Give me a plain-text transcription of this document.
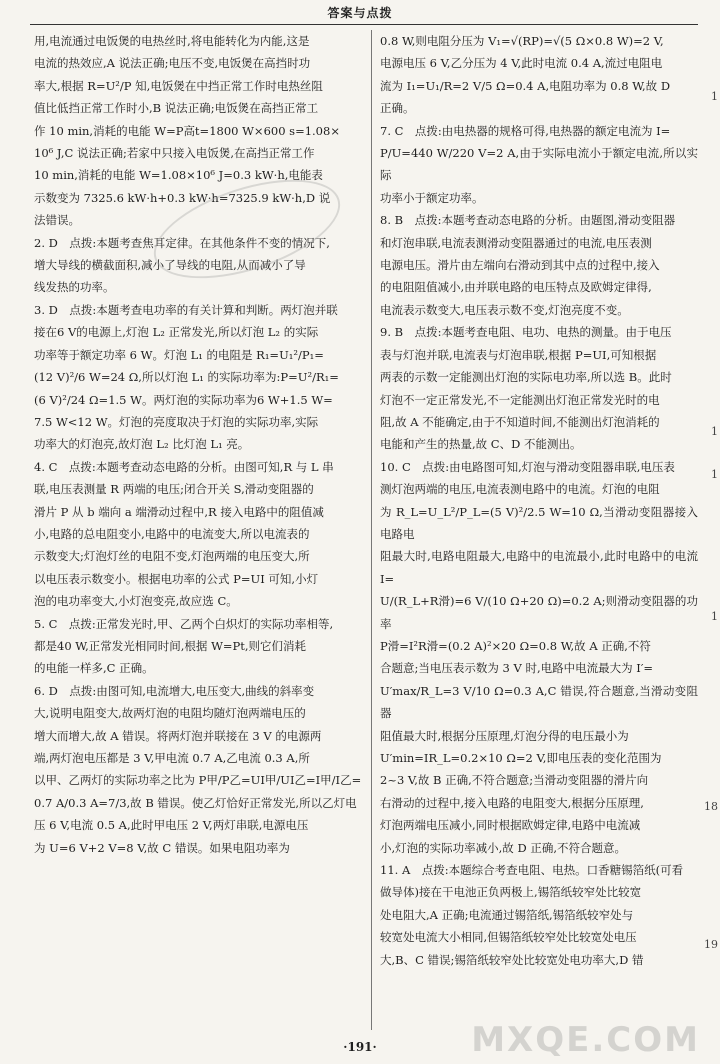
答案与点拨

用,电流通过电饭煲的电热丝时,将电能转化为内能,这是

电流的热效应,A 说法正确;电压不变,电饭煲在高挡时功

率大,根据 R=U²/P 知,电饭煲在中挡正常工作时电热丝阻

值比低挡正常工作时小,B 说法正确;电饭煲在高挡正常工

作 10 min,消耗的电能 W=P高t=1800 W×600 s=1.08×

10⁶ J,C 说法正确;若家中只接入电饭煲,在高挡正常工作

10 min,消耗的电能 W=1.08×10⁶ J=0.3 kW·h,电能表

示数变为 7325.6 kW·h+0.3 kW·h=7325.9 kW·h,D 说

法错误。

2. D　点拨:本题考查焦耳定律。在其他条件不变的情况下,

增大导线的横截面积,减小了导线的电阻,从而减小了导

线发热的功率。

3. D　点拨:本题考查电功率的有关计算和判断。两灯泡并联

接在6 V的电源上,灯泡 L₂ 正常发光,所以灯泡 L₂ 的实际

功率等于额定功率 6 W。灯泡 L₁ 的电阻是 R₁=U₁²/P₁=

(12 V)²/6 W=24 Ω,所以灯泡 L₁ 的实际功率为:P=U²/R₁=

(6 V)²/24 Ω=1.5 W。两灯泡的实际功率为6 W+1.5 W=

7.5 W<12 W。灯泡的亮度取决于灯泡的实际功率,实际

功率大的灯泡亮,故灯泡 L₂ 比灯泡 L₁ 亮。

4. C　点拨:本题考查动态电路的分析。由图可知,R 与 L 串

联,电压表测量 R 两端的电压;闭合开关 S,滑动变阻器的

滑片 P 从 b 端向 a 端滑动过程中,R 接入电路中的阻值减

小,电路的总电阻变小,电路中的电流变大,所以电流表的

示数变大;灯泡灯丝的电阻不变,灯泡两端的电压变大,所

以电压表示数变小。根据电功率的公式 P=UI 可知,小灯

泡的电功率变大,小灯泡变亮,故应选 C。

5. C　点拨:正常发光时,甲、乙两个白炽灯的实际功率相等,

都是40 W,正常发光相同时间,根据 W=Pt,则它们消耗

的电能一样多,C 正确。

6. D　点拨:由图可知,电流增大,电压变大,曲线的斜率变

大,说明电阻变大,故两灯泡的电阻均随灯泡两端电压的

增大而增大,故 A 错误。将两灯泡并联接在 3 V 的电源两

端,两灯泡电压都是 3 V,甲电流 0.7 A,乙电流 0.3 A,所

以甲、乙两灯的实际功率之比为 P甲/P乙=UI甲/UI乙=I甲/I乙=

0.7 A/0.3 A=7/3,故 B 错误。使乙灯恰好正常发光,所以乙灯电

压 6 V,电流 0.5 A,此时甲电压 2 V,两灯串联,电源电压

为 U=6 V+2 V=8 V,故 C 错误。如果电阻功率为

0.8 W,则电阻分压为 V₁=√(RP)=√(5 Ω×0.8 W)=2 V,

电源电压 6 V,乙分压为 4 V,此时电流 0.4 A,流过电阻电

流为 I₁=U₁/R=2 V/5 Ω=0.4 A,电阻功率为 0.8 W,故 D

正确。

7. C　点拨:由电热器的规格可得,电热器的额定电流为 I=

P/U=440 W/220 V=2 A,由于实际电流小于额定电流,所以实际

功率小于额定功率。

8. B　点拨:本题考查动态电路的分析。由题图,滑动变阻器

和灯泡串联,电流表测滑动变阻器通过的电流,电压表测

电源电压。滑片由左端向右滑动到其中点的过程中,接入

的电阻阻值减小,由并联电路的电压特点及欧姆定律得,

电流表示数变大,电压表示数不变,灯泡亮度不变。

9. B　点拨:本题考查电阻、电功、电热的测量。由于电压

表与灯泡并联,电流表与灯泡串联,根据 P=UI,可知根据

两表的示数一定能测出灯泡的实际电功率,所以选 B。此时

灯泡不一定正常发光,不一定能测出灯泡正常发光时的电

阻,故 A 不能确定,由于不知道时间,不能测出灯泡消耗的

电能和产生的热量,故 C、D 不能测出。

10. C　点拨:由电路图可知,灯泡与滑动变阻器串联,电压表

测灯泡两端的电压,电流表测电路中的电流。灯泡的电阻

为 R_L=U_L²/P_L=(5 V)²/2.5 W=10 Ω,当滑动变阻器接入电路电

阻最大时,电路电阻最大,电路中的电流最小,此时电路中的电流 I=

U/(R_L+R滑)=6 V/(10 Ω+20 Ω)=0.2 A;则滑动变阻器的功率

P滑=I²R滑=(0.2 A)²×20 Ω=0.8 W,故 A 正确,不符

合题意;当电压表示数为 3 V 时,电路中电流最大为 I′=

U′max/R_L=3 V/10 Ω=0.3 A,C 错误,符合题意,当滑动变阻器

阻值最大时,根据分压原理,灯泡分得的电压最小为

U′min=IR_L=0.2×10 Ω=2 V,即电压表的变化范围为

2~3 V,故 B 正确,不符合题意;当滑动变阻器的滑片向

右滑动的过程中,接入电路的电阻变大,根据分压原理,

灯泡两端电压减小,同时根据欧姆定律,电路中电流减

小,灯泡的实际功率减小,故 D 正确,不符合题意。

11. A　点拨:本题综合考查电阻、电热。口香糖锡箔纸(可看

做导体)接在干电池正负两极上,锡箔纸较窄处比较宽

处电阻大,A 正确;电流通过锡箔纸,锡箔纸较窄处与

较宽处电流大小相同,但锡箔纸较窄处比较宽处电压

大,B、C 错误;锡箔纸较窄处比较宽处电功率大,D 错

1
1
1
1
18
19
·191·	MXQE.COM
